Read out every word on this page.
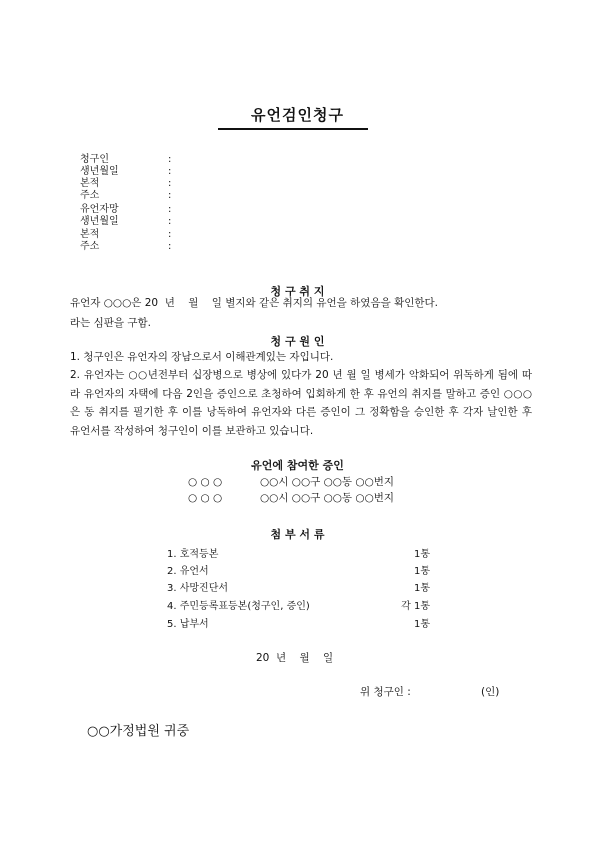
유언검인청구
청구인	:
생년월일	:
본적	:
주소	:
유언자망	:
생년월일	:
본적	:
주소	:
청 구 취 지
유언자 ○○○은 20  년    월    일 별지와 같은 취지의 유언을 하였음을 확인한다.
라는 심판을 구함.
청 구 원 인
1. 청구인은 유언자의 장남으로서 이해관계있는 자입니다.
2. 유언자는 ○○년전부터 십장병으로 병상에 있다가 20 년 월 일 병세가 악화되어 위독하게 됨에 따라 유언자의 자택에 다음 2인을 증인으로 초청하여 입회하게 한 후 유언의 취지를 말하고 증인 ○○○은 동 취지를 필기한 후 이를 낭독하여 유언자와 다른 증인이 그 정확함을 승인한 후 각자 날인한 후 유언서를 작성하여 청구인이 이를 보관하고 있습니다.
유언에 참여한 증인
○ ○ ○	○○시 ○○구 ○○동 ○○번지
○ ○ ○	○○시 ○○구 ○○동 ○○번지
첨 부 서 류
1. 호적등본	1통
2. 유언서	1통
3. 사망진단서	1통
4. 주민등록표등본(청구인, 증인)	각 1통
5. 납부서	1통
20  년    월    일
위 청구인 :	(인)
○○가정법원 귀중
